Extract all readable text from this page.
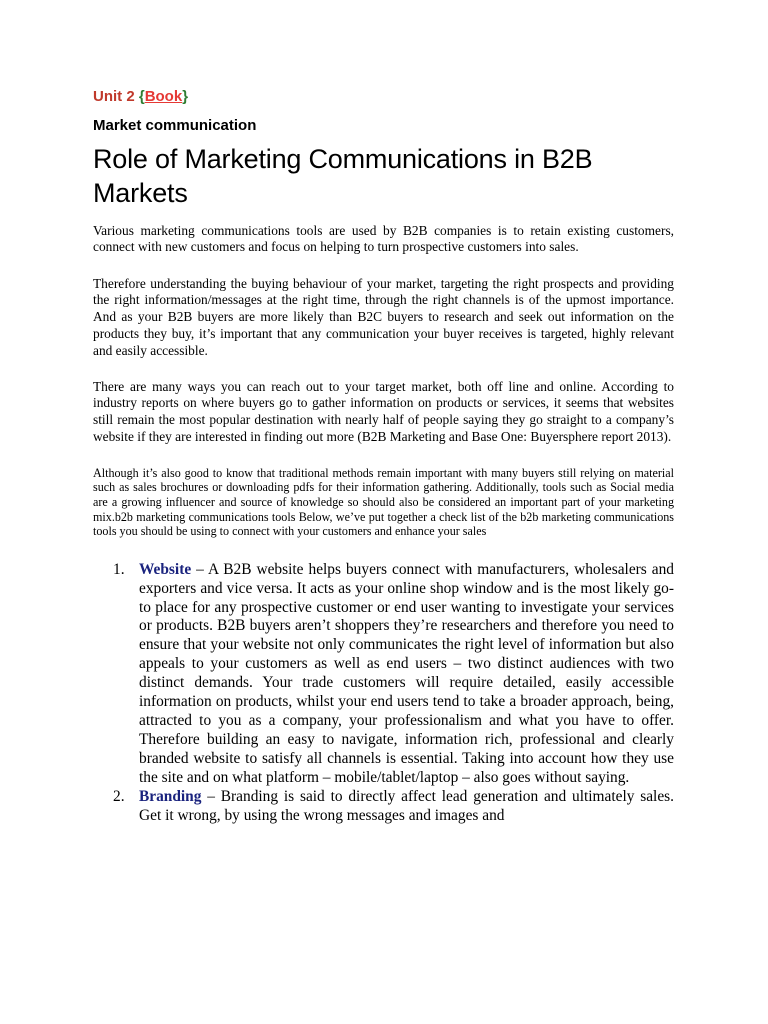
Unit 2 {Book}

Market communication

Role of Marketing Communications in B2B Markets

Various marketing communications tools are used by B2B companies is to retain existing customers, connect with new customers and focus on helping to turn prospective customers into sales.

Therefore understanding the buying behaviour of your market, targeting the right prospects and providing the right information/messages at the right time, through the right channels is of the upmost importance. And as your B2B buyers are more likely than B2C buyers to research and seek out information on the products they buy, it’s important that any communication your buyer receives is targeted, highly relevant and easily accessible.

There are many ways you can reach out to your target market, both off line and online. According to industry reports on where buyers go to gather information on products or services, it seems that websites still remain the most popular destination with nearly half of people saying they go straight to a company’s website if they are interested in finding out more (B2B Marketing and Base One: Buyersphere report 2013).

Although it’s also good to know that traditional methods remain important with many buyers still relying on material such as sales brochures or downloading pdfs for their information gathering. Additionally, tools such as Social media are a growing influencer and source of knowledge so should also be considered an important part of your marketing mix.b2b marketing communications tools Below, we’ve put together a check list of the b2b marketing communications tools you should be using to connect with your customers and enhance your sales

1. Website – A B2B website helps buyers connect with manufacturers, wholesalers and exporters and vice versa. It acts as your online shop window and is the most likely go-to place for any prospective customer or end user wanting to investigate your services or products. B2B buyers aren’t shoppers they’re researchers and therefore you need to ensure that your website not only communicates the right level of information but also appeals to your customers as well as end users – two distinct audiences with two distinct demands. Your trade customers will require detailed, easily accessible information on products, whilst your end users tend to take a broader approach, being, attracted to you as a company, your professionalism and what you have to offer. Therefore building an easy to navigate, information rich, professional and clearly branded website to satisfy all channels is essential. Taking into account how they use the site and on what platform – mobile/tablet/laptop – also goes without saying.
2. Branding – Branding is said to directly affect lead generation and ultimately sales. Get it wrong, by using the wrong messages and images and
